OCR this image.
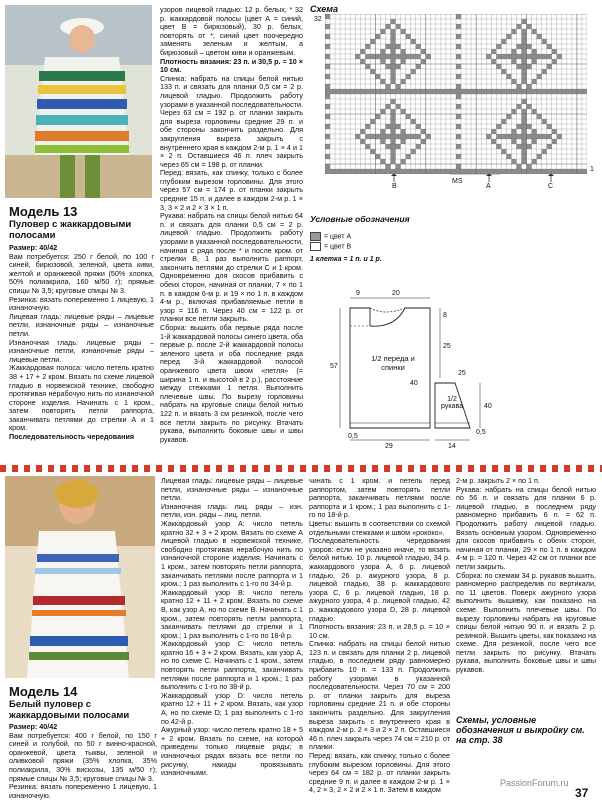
Модель 13
Пуловер с жаккардовыми полосами

Размер: 40/42

Вам потребуется: 250 г белой, по 100 г синей, бирюзовой, зеленой, цвета киви, желтой и оранжевой пряжи (50% хлопка, 50% полиакрила, 160 м/50 г); прямые спицы № 3,5; круговые спицы № 3.

Резинка: вязать попеременно 1 лицевую, 1 изнаночную.

Лицевая гладь: лицевые ряды – лицевые петли, изнаночные ряды – изнаночные петли.

Изнаночная гладь: лицевые ряды – изнаночные петли, изнаночные ряды – лицевые петли.

Жаккардовая полоса: число петель кратно 38 + 17 + 2 кром. Вязать по схеме лицевой гладью в норвежской технике, свободно протягивая нерабочую нить по изнаночной стороне изделия. Начинать с 1 кром., затем повторять петли раппорта, заканчивать петлями до стрелки А и 1 кром.

Последовательность чередования

узоров лицевой гладью: 12 р. белых, * 32 р. жаккардовой полосы (цвет А = синий, цвет В = бирюзовый), 30 р. белых, повторять от *; синий цвет поочередно заменять зеленым и желтым, а бирюзовый – цветом киви и оранжевым.

Плотность вязания: 23 п. и 30,5 р. = 10 × 10 см.

Спинка: набрать на спицы белой нитью 133 п. и связать для планки 0,5 см = 2 р. лицевой гладью. Продолжить работу узорами в указанной последовательности. Через 63 см = 192 р. от планки закрыть для выреза горловины средние 29 п. и обе стороны закончить раздельно. Для закругления выреза закрыть с внутреннего края в каждом 2-м р. 1 × 4 и 1 × 2 п. Оставшиеся 46 п. плеч закрыть через 65 см = 198 р. от планки.

Перед: вязать, как спинку, только с более глубоким вырезом горловины. Для этого через 57 см = 174 р. от планки закрыть средние 15 п. и далее в каждом 2-м р. 1 × 3, 3 × 2 и 2 × 3 × 1 п.

Рукава: набрать на спицы белой нитью 64 п. и связать для планки 0,5 см = 2 р. лицевой гладью. Продолжить работу узорами в указанной последовательности, начиная с ряда после * и после кром. от стрелки В, 1 раз выполнить раппорт, закончить петлями до стрелки С и 1 кром. Одновременно для скосов прибавить с обеих сторон, начиная от планки, 7 × по 1 п. в каждом 6-м р. и 19 × по 1 п. в каждом 4-м р., включая прибавляемые петли в узор = 116 п. Через 40 см = 122 р. от планки все петли закрыть.

Сборка: вышить оба первые ряда после 1-й жаккардовой полосы синего цвета, оба первые р. после 2-й жаккардовой полосы зеленого цвета и оба последние ряда перед 3-й жаккардовой полосой оранжевого цвета швом «петля» (= ширина 1 п. и высотой в 2 р.), расстояние между стежками 1 петля. Выполнить плечевые швы. По вырезу горловины набрать на круговые спицы белой нитью 122 п. и вязать 3 см резинкой, после чего все петли закрыть по рисунку. Втачать рукава, выполнить боковые швы и швы рукавов.

Схема
32
1
B
MS
A	C
Условные обозначения
= цвет А
= цвет В
1 клетка = 1 п. и 1 р.
9	20
57
8
25
40
0,5
29	14
25
40
0,5
1/2 переда и спинки
1/2 рукава
Модель 14
Белый пуловер с жаккардовыми полосами

Размер: 40/42

Вам потребуется: 400 г белой, по 150 г синей и голубой, по 50 г винно-красной, оранжевой, цвета тыквы, зеленой и оливковой пряжи (35% хлопка, 35% полиакрила, 30% вискозы, 135 м/50 г); прямые спицы № 3,5; круговые спицы № 3.

Резинка: вязать попеременно 1 лицевую, 1 изнаночную.

Лицевая гладь: лицевые ряды – лицевые петли, изнаночные ряды – изнаночные петли.

Изнаночная гладь: лиц. ряды – изн. петли, изн. ряды – лиц. петли.

Жаккардовый узор А: число петель кратно 32 + 3 + 2 кром. Вязать по схеме А лицевой гладью в норвежской технике, свободно протягивая нерабочую нить по изнаночной стороне изделия. Начинать с 1 кром., затем повторять петли раппорта, заканчивать петлями после раппорта и 1 кром.; 1 раз выполнить с 1-го по 34-й р.

Жаккардовый узор В: число петель кратно 12 + 11 + 2 кром. Вязать по схеме В, как узор А, но по схеме В. Начинать с 1 кром., затем повторять петли раппорта, заканчивать петлями до стрелки и 1 кром.; 1 раз выполнить с 1-го по 18-й р.

Жаккардовый узор С: число петель кратно 16 + 3 + 2 кром. Вязать, как узор А, но по схеме С. Начинать с 1 кром., затем повторять петли раппорта, заканчивать петлями после раппорта и 1 кром.; 1 раз выполнить с 1-го по 38-й р.

Жаккардовый узор D: число петель кратно 12 + 11 + 2 кром. Вязать, как узор А, но по схеме D; 1 раз выполнить с 1-го по 42-й р.

Ажурный узор: число петель кратно 18 + 5 + 2 кром. Вязать по схеме, на которой приведены только лицевые ряды; в изнаночных рядах вязать все петли по рисунку, накиды провязывать изнаночными.

чинать с 1 кром. и петель перед раппортом, затем повторять петли раппорта, заканчивать петлями после раппорта и 1 кром.; 1 раз выполнить с 1-го по 18-й р.

Цветы: вышить в соответствии со схемой отдельными стежками и швом «рококо».

Последовательность чередования узоров: если не указано иначе, то вязать белой нитью. 10 р. лицевой гладью, 34 р. жаккардового узора А, 6 р. лицевой гладью, 26 р. ажурного узора, 8 р. лицевой гладью, 38 р. жаккардового узора С, 6 р. лицевой гладью, 18 р. ажурного узора, 4 р. лицевой гладью, 42 р. жаккардового узора D, 28 р. лицевой гладью.

Плотность вязания: 23 п. и 28,5 р. = 10 × 10 см.

Спинка: набрать на спицы белой нитью 123 п. и связать для планки 2 р. лицевой гладью, в последнем ряду равномерно прибавить 10 п. = 133 п. Продолжить работу узорами в указанной последовательности. Через 70 см = 200 р. от планки закрыть для выреза горловины средние 21 п. и обе стороны закончить раздельно. Для закругления выреза закрыть с внутреннего края в каждом 2-м р. 2 × 3 и 2 × 2 п. Оставшиеся 46 п. плеч закрыть через 74 см = 210 р. от планки.

Перед: вязать, как спинку, только с более глубоким вырезом горловины. Для этого через 64 см = 182 р. от планки закрыть средние 9 п. и далее в каждом 2-м р. 1 × 4, 2 × 3, 2 × 2 и 2 × 1 п. Затем в каждом

2-м р. закрыть 2 × по 1 п.

Рукава: набрать на спицы белой нитью по 56 п. и связать для планки 6 р. лицевой гладью, в последнем ряду равномерно прибавить 6 п. = 62 п. Продолжить работу лицевой гладью. Вязать основным узором. Одновременно для скосов прибавить с обеих сторон, начиная от планки, 29 × по 1 п. в каждом 4-м р. = 120 п. Через 42 см от планки все петли закрыть.

Сборка: по схемам 34 р. рукавов вышить, равномерно распределив по вертикали, по 11 цветов. Поверх ажурного узора выполнить вышивку, как показано на схеме. Выполнить плечевые швы. По вырезу горловины набрать на круговые спицы белой нитью 90 п. и вязать 2 р. резинкой. Вышить цветы, как показано на схеме. Для резинкой, после чего все петли закрыть по рисунку. Втачать рукава, выполнить боковые швы и швы рукавов.

Схемы, условные обозначения и выкройку см. на стр. 38
PassionForum.ru
37
